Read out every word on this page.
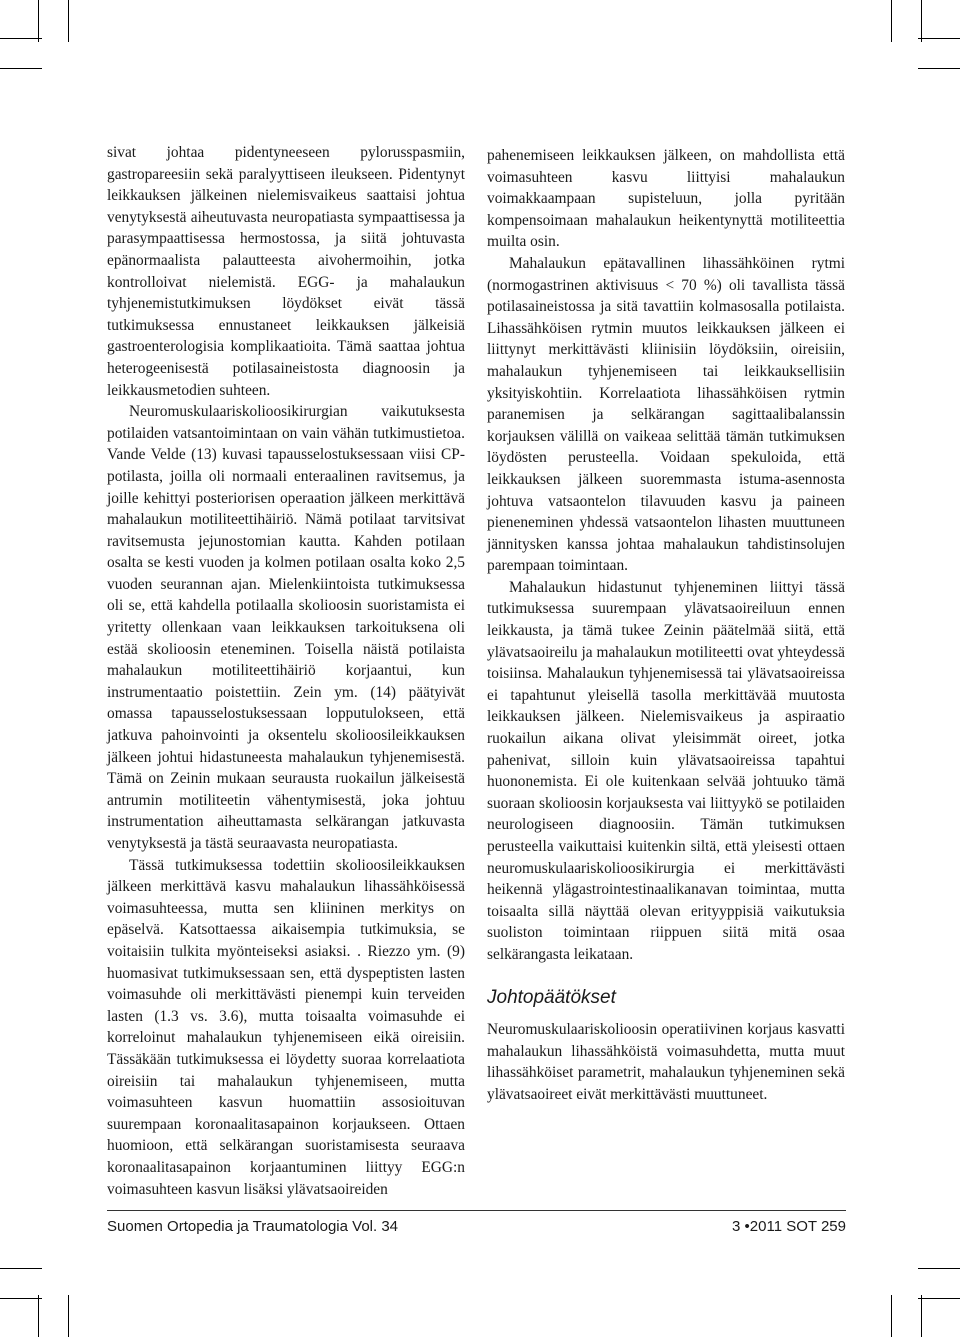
sivat johtaa pidentyneeseen pylorusspasmiin, gastropareesiin sekä paralyyttiseen ileukseen. Pidentynyt leikkauksen jälkeinen nielemisvaikeus saattaisi johtua venytyksestä aiheutuvasta neuropatiasta sympaattisessa ja parasympaattisessa hermostossa, ja siitä johtuvasta epänormaalista palautteesta aivohermoihin, jotka kontrolloivat nielemistä. EGG- ja mahalaukun tyhjenemistutkimuksen löydökset eivät tässä tutkimuksessa ennustaneet leikkauksen jälkeisiä gastroenterologisia komplikaatioita. Tämä saattaa johtua heterogeenisestä potilasaineistosta diagnoosin ja leikkausmetodien suhteen.

Neuromuskulaariskolioosikirurgian vaikutuksesta potilaiden vatsantoimintaan on vain vähän tutkimustietoa. Vande Velde (13) kuvasi tapausselostuksessaan viisi CP-potilasta, joilla oli normaali enteraalinen ravitsemus, ja joille kehittyi posteriorisen operaation jälkeen merkittävä mahalaukun motiliteettihäiriö. Nämä potilaat tarvitsivat ravitsemusta jejunostomian kautta. Kahden potilaan osalta se kesti vuoden ja kolmen potilaan osalta koko 2,5 vuoden seurannan ajan. Mielenkiintoista tutkimuksessa oli se, että kahdella potilaalla skolioosin suoristamista ei yritetty ollenkaan vaan leikkauksen tarkoituksena oli estää skolioosin eteneminen. Toisella näistä potilaista mahalaukun motiliteettihäiriö korjaantui, kun instrumentaatio poistettiin. Zein ym. (14) päätyivät omassa tapausselostuksessaan lopputulokseen, että jatkuva pahoinvointi ja oksentelu skolioosileikkauksen jälkeen johtui hidastuneesta mahalaukun tyhjenemisestä. Tämä on Zeinin mukaan seurausta ruokailun jälkeisestä antrumin motiliteetin vähentymisestä, joka johtuu instrumentation aiheuttamasta selkärangan jatkuvasta venytyksestä ja tästä seuraavasta neuropatiasta.

Tässä tutkimuksessa todettiin skolioosileikkauksen jälkeen merkittävä kasvu mahalaukun lihassähköisessä voimasuhteessa, mutta sen kliininen merkitys on epäselvä. Katsottaessa aikaisempia tutkimuksia, se voitaisiin tulkita myönteiseksi asiaksi. . Riezzo ym. (9) huomasivat tutkimuksessaan sen, että dyspeptisten lasten voimasuhde oli merkittävästi pienempi kuin terveiden lasten (1.3 vs. 3.6), mutta toisaalta voimasuhde ei korreloinut mahalaukun tyhjenemiseen eikä oireisiin. Tässäkään tutkimuksessa ei löydetty suoraa korrelaatiota oireisiin tai mahalaukun tyhjenemiseen, mutta voimasuhteen kasvun huomattiin assosioituvan suurempaan koronaalitasapainon korjaukseen. Ottaen huomioon, että selkärangan suoristamisesta seuraava koronaalitasapainon korjaantuminen liittyy EGG:n voimasuhteen kasvun lisäksi ylävatsaoireiden

pahenemiseen leikkauksen jälkeen, on mahdollista että voimasuhteen kasvu liittyisi mahalaukun voimakkaampaan supisteluun, jolla pyritään kompensoimaan mahalaukun heikentynyttä motiliteettia muilta osin.

Mahalaukun epätavallinen lihassähköinen rytmi (normogastrinen aktivisuus < 70 %) oli tavallista tässä potilasaineistossa ja sitä tavattiin kolmasosalla potilaista. Lihassähköisen rytmin muutos leikkauksen jälkeen ei liittynyt merkittävästi kliinisiin löydöksiin, oireisiin, mahalaukun tyhjenemiseen tai leikkauksellisiin yksityiskohtiin. Korrelaatiota lihassähköisen rytmin paranemisen ja selkärangan sagittaalibalanssin korjauksen välillä on vaikeaa selittää tämän tutkimuksen löydösten perusteella. Voidaan spekuloida, että leikkauksen jälkeen suoremmasta istuma-asennosta johtuva vatsaontelon tilavuuden kasvu ja paineen pieneneminen yhdessä vatsaontelon lihasten muuttuneen jännitysken kanssa johtaa mahalaukun tahdistinsolujen parempaan toimintaan.

Mahalaukun hidastunut tyhjeneminen liittyi tässä tutkimuksessa suurempaan ylävatsaoireiluun ennen leikkausta, ja tämä tukee Zeinin päätelmää siitä, että ylävatsaoireilu ja mahalaukun motiliteetti ovat yhteydessä toisiinsa. Mahalaukun tyhjenemisessä tai ylävatsaoireissa ei tapahtunut yleisellä tasolla merkittävää muutosta leikkauksen jälkeen. Nielemisvaikeus ja aspiraatio ruokailun aikana olivat yleisimmät oireet, jotka pahenivat, silloin kuin ylävatsaoireissa tapahtui huononemista. Ei ole kuitenkaan selvää johtuuko tämä suoraan skolioosin korjauksesta vai liittyykö se potilaiden neurologiseen diagnoosiin. Tämän tutkimuksen perusteella vaikuttaisi kuitenkin siltä, että yleisesti ottaen neuromuskulaariskolioosikirurgia ei merkittävästi heikennä ylägastrointestinaalikanavan toimintaa, mutta toisaalta sillä näyttää olevan erityyppisiä vaikutuksia suoliston toimintaan riippuen siitä mitä osaa selkärangasta leikataan.

Johtopäätökset

Neuromuskulaariskolioosin operatiivinen korjaus kasvatti mahalaukun lihassähköistä voimasuhdetta, mutta muut lihassähköiset parametrit, mahalaukun tyhjeneminen sekä ylävatsaoireet eivät merkittävästi muuttuneet.

Suomen Ortopedia ja Traumatologia Vol. 34	3 •2011 SOT 259
